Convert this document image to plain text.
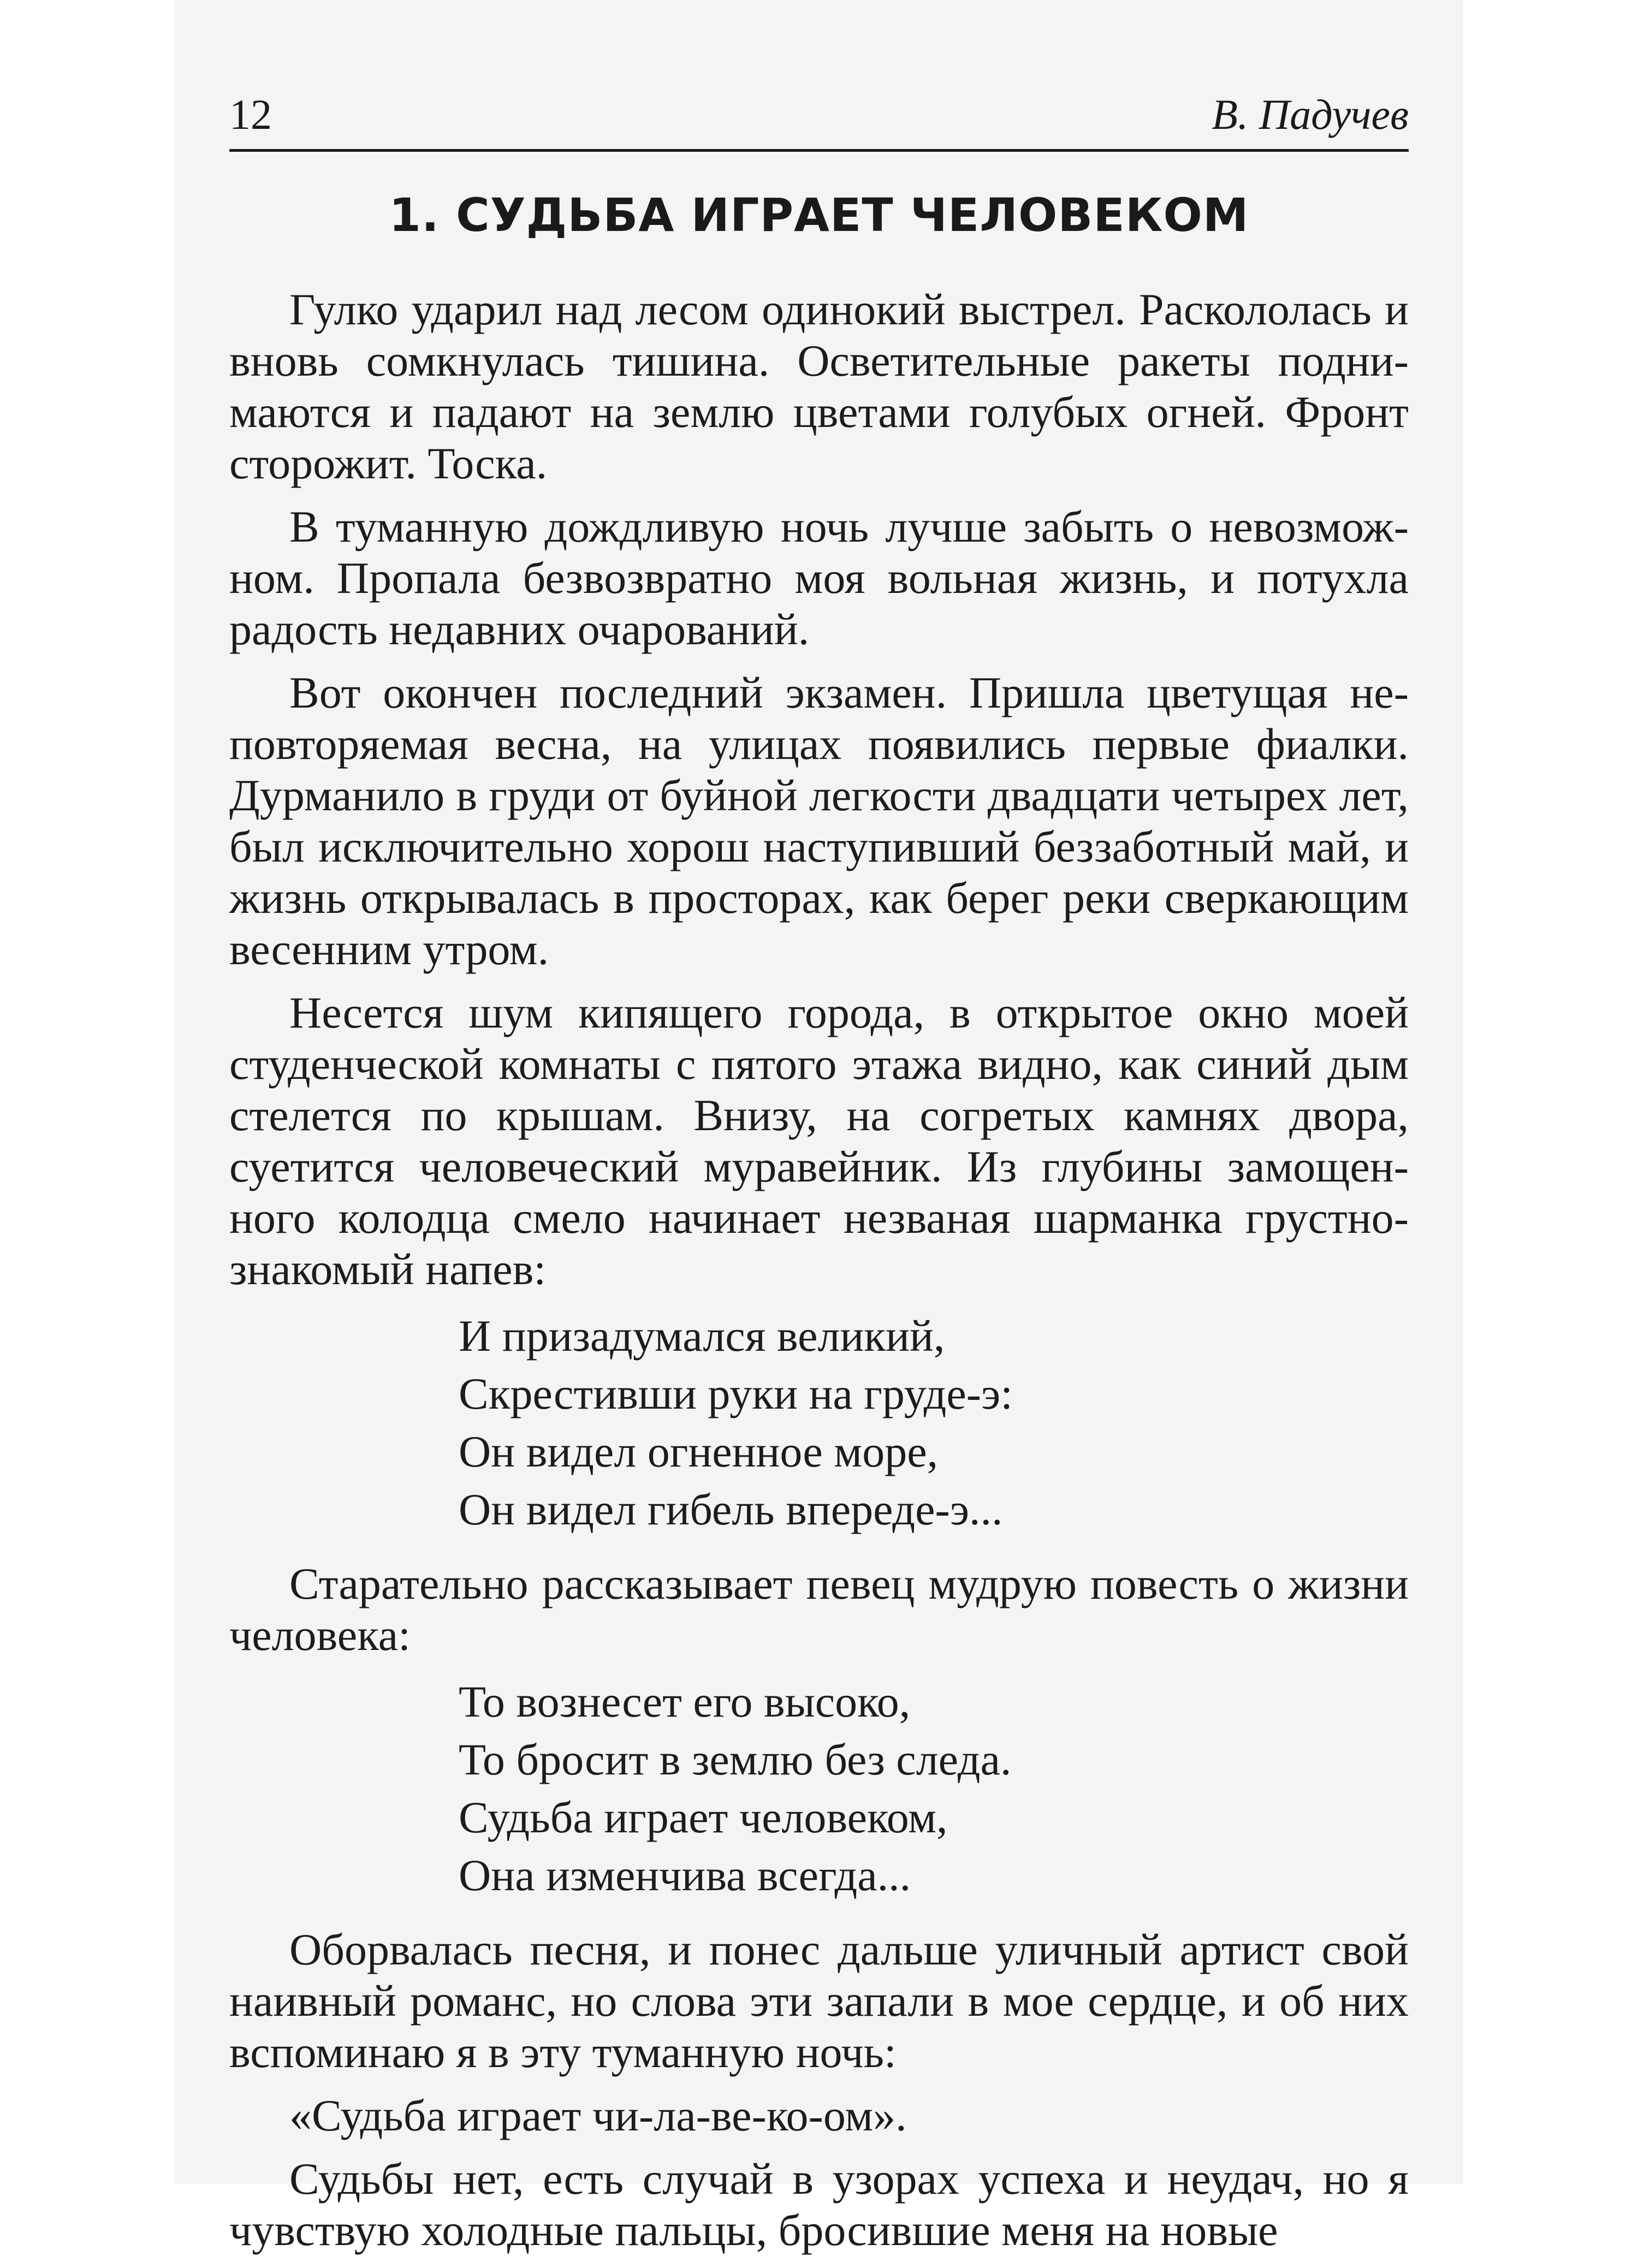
12	В. Падучев
1. СУДЬБА ИГРАЕТ ЧЕЛОВЕКОМ

Гулко ударил над лесом одинокий выстрел. Раскололась и вновь сомкнулась тишина. Осветительные ракеты поднимаются и падают на землю цветами голубых огней. Фронт сторожит. Тоска.

В туманную дождливую ночь лучше забыть о невозможном. Пропала безвозвратно моя вольная жизнь, и потухла радость недавних очарований.

Вот окончен последний экзамен. Пришла цветущая неповторяемая весна, на улицах появились первые фиалки. Дурманило в груди от буйной легкости двадцати четырех лет, был исключительно хорош наступивший беззаботный май, и жизнь открывалась в просторах, как берег реки сверкающим весенним утром.

Несется шум кипящего города, в открытое окно моей студенческой комнаты с пятого этажа видно, как синий дым стелется по крышам. Внизу, на согретых камнях двора, суетится человеческий муравейник. Из глубины замощенного колодца смело начинает незваная шарманка грустнознакомый напев:

И призадумался великий,
Скрестивши руки на груде-э:
Он видел огненное море,
Он видел гибель впереде-э...

Старательно рассказывает певец мудрую повесть о жизни человека:

То вознесет его высоко,
То бросит в землю без следа.
Судьба играет человеком,
Она изменчива всегда...

Оборвалась песня, и понес дальше уличный артист свой наивный романс, но слова эти запали в мое сердце, и об них вспоминаю я в эту туманную ночь:

«Судьба играет чи-ла-ве-ко-ом».

Судьбы нет, есть случай в узорах успеха и неудач, но я чувствую холодные пальцы, бросившие меня на новые
